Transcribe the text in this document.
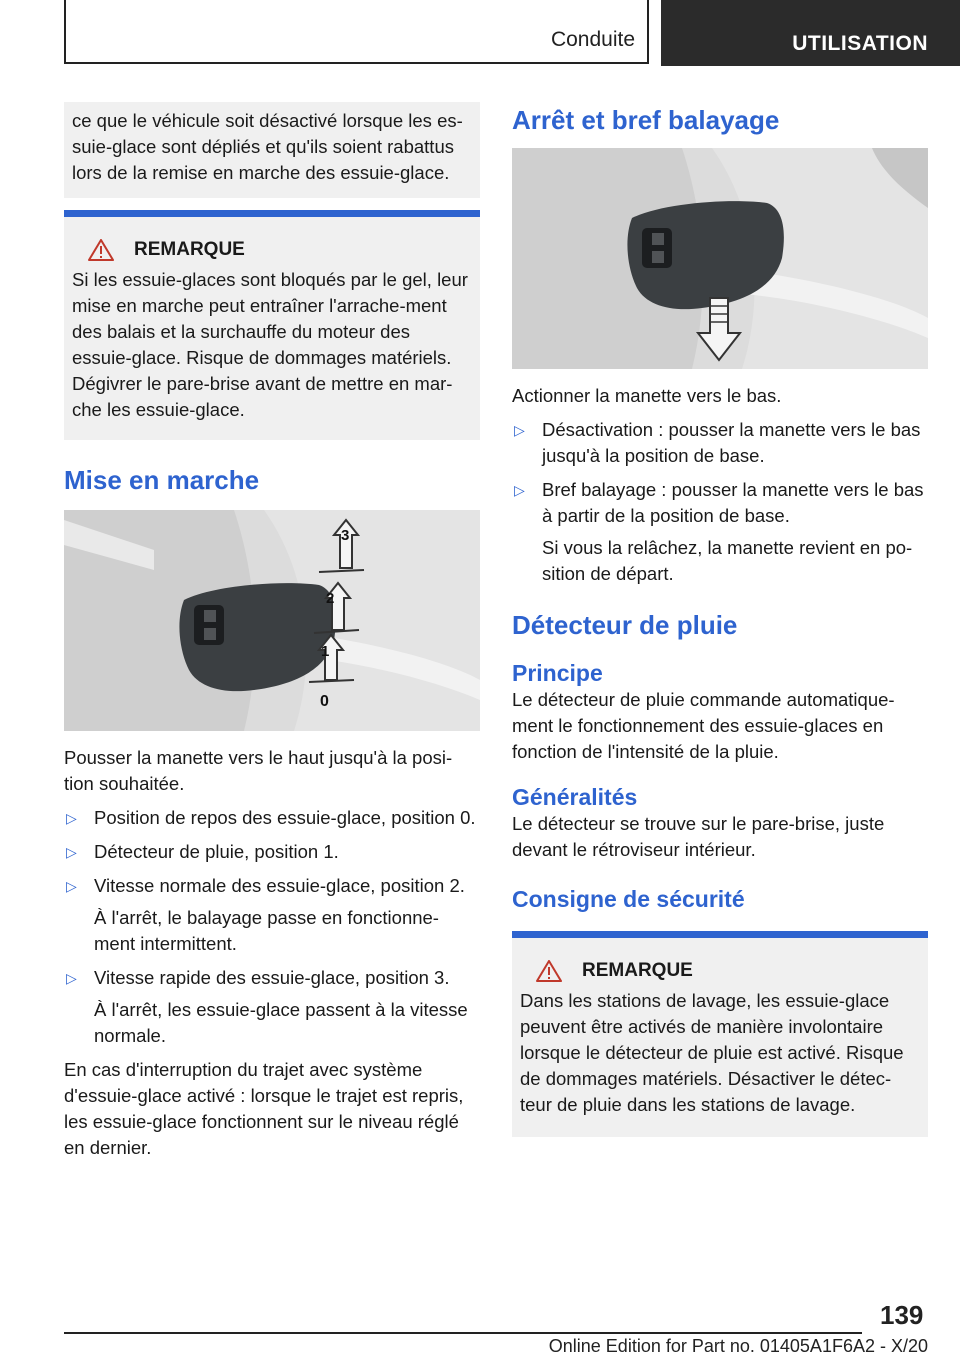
Conduite	UTILISATION

ce que le véhicule soit désactivé lorsque les es-suie-glace sont dépliés et qu'ils soient rabattus lors de la remise en marche des essuie-glace.

REMARQUE

Si les essuie-glaces sont bloqués par le gel, leur mise en marche peut entraîner l'arrache-ment des balais et la surchauffe du moteur des essuie-glace. Risque de dommages matériels. Dégivrer le pare-brise avant de mettre en mar-che les essuie-glace.

Mise en marche
3
2
1
0

Pousser la manette vers le haut jusqu'à la posi-tion souhaitée.

▷ Position de repos des essuie-glace, position 0.
▷ Détecteur de pluie, position 1.
▷ Vitesse normale des essuie-glace, position 2.
À l'arrêt, le balayage passe en fonctionne-ment intermittent.
▷ Vitesse rapide des essuie-glace, position 3.
À l'arrêt, les essuie-glace passent à la vitesse normale.

En cas d'interruption du trajet avec système d'essuie-glace activé : lorsque le trajet est repris, les essuie-glace fonctionnent sur le niveau réglé en dernier.

Arrêt et bref balayage

Actionner la manette vers le bas.

▷ Désactivation : pousser la manette vers le bas jusqu'à la position de base.
▷ Bref balayage : pousser la manette vers le bas à partir de la position de base.
Si vous la relâchez, la manette revient en po-sition de départ.
Détecteur de pluie
Principe

Le détecteur de pluie commande automatique-ment le fonctionnement des essuie-glaces en fonction de l'intensité de la pluie.

Généralités

Le détecteur se trouve sur le pare-brise, juste devant le rétroviseur intérieur.

Consigne de sécurité
REMARQUE

Dans les stations de lavage, les essuie-glace peuvent être activés de manière involontaire lorsque le détecteur de pluie est activé. Risque de dommages matériels. Désactiver le détec-teur de pluie dans les stations de lavage.

139
Online Edition for Part no. 01405A1F6A2 - X/20
